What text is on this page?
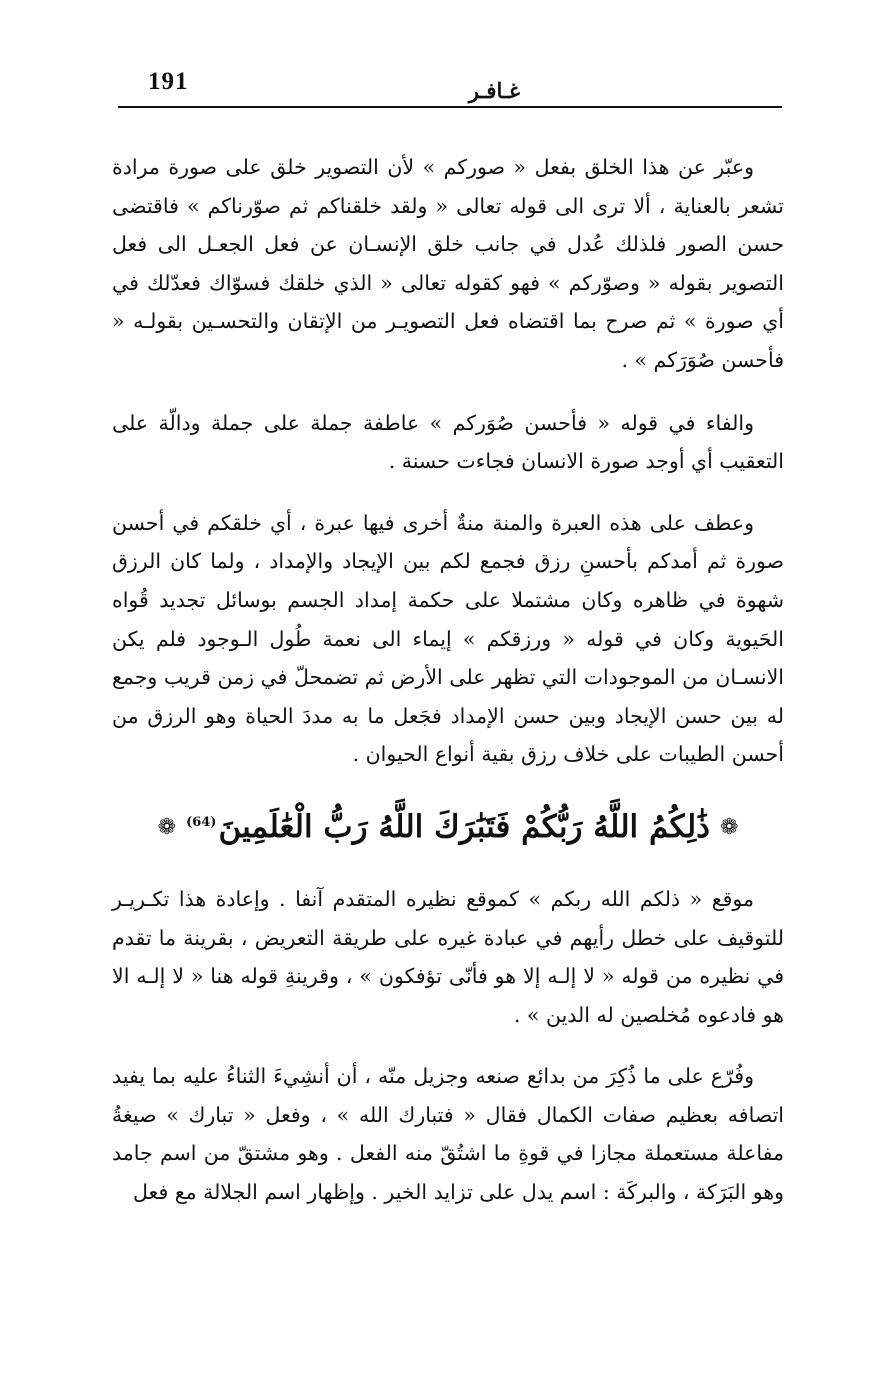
191	غـافـر

وعبّر عن هذا الخلق بفعل « صوركم » لأن التصوير خلق على صورة مرادة تشعر بالعناية ، ألا ترى الى قوله تعالى « ولقد خلقناكم ثم صوّرناكم » فاقتضى حسن الصور فلذلك عُدل في جانب خلق الإنسـان عن فعل الجعـل الى فعل التصوير بقوله « وصوّركم » فهو كقوله تعالى « الذي خلقك فسوّاك فعدّلك في أي صورة » ثم صرح بما اقتضاه فعل التصويـر من الإتقان والتحسـين بقولـه « فأحسن صُوَرَكم » .

والفاء في قوله « فأحسن صُوَركم » عاطفة جملة على جملة ودالّة على التعقيب أي أوجد صورة الانسان فجاءت حسنة .

وعطف على هذه العبرة والمنة منةٌ أخرى فيها عبرة ، أي خلقكم في أحسن صورة ثم أمدكم بأحسنِ رزق فجمع لكم بين الإيجاد والإمداد ، ولما كان الرزق شهوة في ظاهره وكان مشتملا على حكمة إمداد الجسم بوسائل تجديد قُواه الحَيوية وكان في قوله « ورزقكم » إيماء الى نعمة طُول الـوجود فلم يكن الانسـان من الموجودات التي تظهر على الأرض ثم تضمحلّ في زمن قريب وجمع له بين حسن الإيجاد وبين حسن الإمداد فجَعل ما به مددَ الحياة وهو الرزق من أحسن الطيبات على خلاف رزق بقية أنواع الحيوان .

❁
ذَٰلِكُمُ اللَّهُ رَبُّكُمْ فَتَبَٰرَكَ اللَّهُ رَبُّ الْعَٰلَمِينَ(64)
❁

موقع « ذلكم الله ربكم » كموقع نظيره المتقدم آنفا . وإعادة هذا تكـريـر للتوقيف على خطل رأيهم في عبادة غيره على طريقة التعريض ، بقرينة ما تقدم في نظيره من قوله « لا إلـه إلا هو فأنّى تؤفكون » ، وقرينةِ قوله هنا « لا إلـه الا هو فادعوه مُخلصين له الدين » .

وفُرّع على ما ذُكِرَ من بدائع صنعه وجزيل منّه ، أن أنشِيءَ الثناءُ عليه بما يفيد اتصافه بعظيم صفات الكمال فقال « فتبارك الله » ، وفعل « تبارك » صيغةُ مفاعلة مستعملة مجازا في قوةِ ما اشتُقّ منه الفعل . وهو مشتقّ من اسم جامد وهو البَرَكة ، والبركَة : اسم يدل على تزايد الخير . وإظهار اسم الجلالة مع فعل
